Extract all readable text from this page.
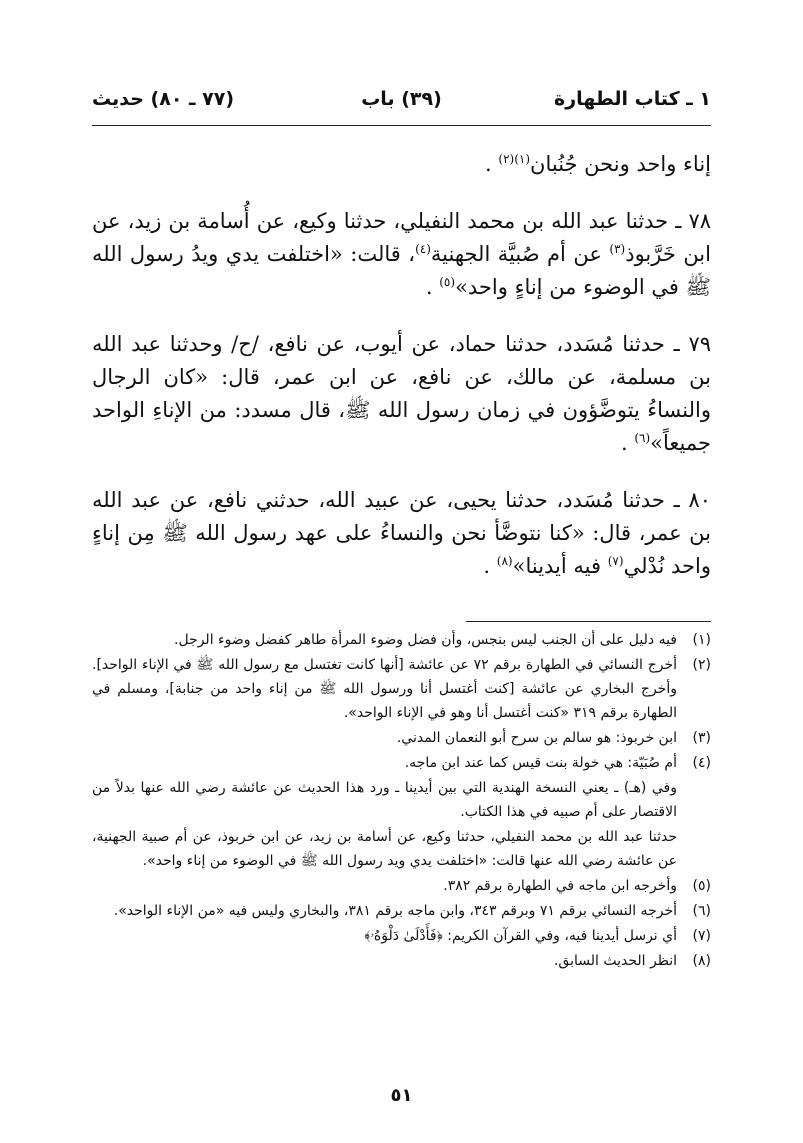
١ ـ كتاب الطهارة
(٣٩) باب
(٧٧ ـ ٨٠) حديث

إناء واحد ونحن جُنُبان$^{(١)(٢)}$ .

٧٨ ـ حدثنا عبد الله بن محمد النفيلي، حدثنا وكيع، عن أُسامة بن زيد، عن ابن خَرَّبوذ$^{(٣)}$ عن أم صُبيَّة الجهنية$^{(٤)}$، قالت: «اختلفت يدي ويدُ رسول الله ﷺ في الوضوء من إناءٍ واحد»$^{(٥)}$ .

٧٩ ـ حدثنا مُسَدد، حدثنا حماد، عن أيوب، عن نافع، /ح/ وحدثنا عبد الله بن مسلمة، عن مالك، عن نافع، عن ابن عمر، قال: «كان الرجال والنساءُ يتوضَّؤون في زمان رسول الله ﷺ، قال مسدد: من الإناءِ الواحد جميعاً»$^{(٦)}$ .

٨٠ ـ حدثنا مُسَدد، حدثنا يحيى، عن عبيد الله، حدثني نافع، عن عبد الله بن عمر، قال: «كنا نتوضَّأ نحن والنساءُ على عهد رسول الله ﷺ مِن إناءٍ واحد نُدْلي$^{(٧)}$ فيه أيدينا»$^{(٨)}$ .

(١)
فيه دليل على أن الجنب ليس بنجس، وأن فضل وضوء المرأة طاهر كفضل وضوء الرجل.
(٢)
أخرج النسائي في الطهارة برقم ٧٢ عن عائشة [أنها كانت تغتسل مع رسول الله ﷺ في الإناء الواحد]. وأخرج البخاري عن عائشة [كنت أغتسل أنا ورسول الله ﷺ من إناء واحد من جنابة]، ومسلم في الطهارة برقم ٣١٩ «كنت أغتسل أنا وهو في الإناء الواحد».
(٣)
ابن خربوذ: هو سالم بن سرح أبو النعمان المدني.
(٤)
أم صُبَيّة: هي خولة بنت قيس كما عند ابن ماجه.

وفي (هـ) ـ يعني النسخة الهندية التي بين أيدينا ـ ورد هذا الحديث عن عائشة رضي الله عنها بدلاً من الاقتصار على أم صبيه في هذا الكتاب.

حدثنا عبد الله بن محمد النفيلي، حدثنا وكيع، عن أسامة بن زيد، عن ابن خربوذ، عن أم صبية الجهنية، عن عائشة رضي الله عنها قالت: «اختلفت يدي ويد رسول الله ﷺ في الوضوء من إناء واحد».

(٥)
وأخرجه ابن ماجه في الطهارة برقم ٣٨٢.
(٦)
أخرجه النسائي برقم ٧١ وبرقم ٣٤٣، وابن ماجه برقم ٣٨١، والبخاري وليس فيه «من الإناء الواحد».
(٧)
أي نرسل أيدينا فيه، وفي القرآن الكريم: ﴿فَأَدْلَىٰ دَلْوَهُۥ﴾
(٨)
انظر الحديث السابق.
٥١
